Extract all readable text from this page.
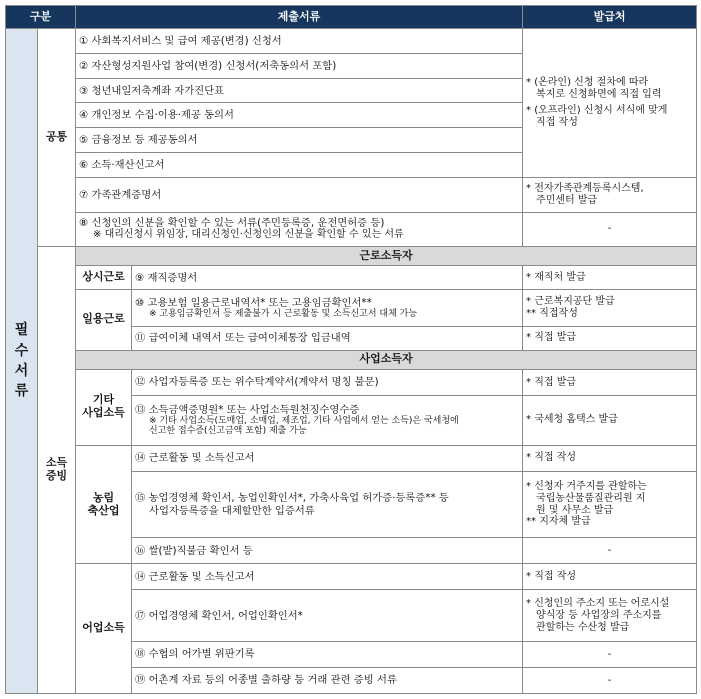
구분		제출서류		발급처

필
수
서
류	공통	① 사회복지서비스 및 급여 제공(변경) 신청서		* (온라인) 신청 절차에 따라
복지로 신청화면에 직접 입력
* (오프라인) 신청시 서식에 맞게
직접 작성

		② 자산형성지원사업 참여(변경) 신청서(저축동의서 포함)		
		③ 청년내일저축계좌 자가진단표		
		④ 개인정보 수집·이용·제공 동의서		
		⑤ 금융정보 등 제공동의서		
		⑥ 소득·재산신고서		
		⑦ 가족관계증명서		* 전자가족관계등록시스템,
주민센터 발급

		⑧ 신청인의 신분을 확인할 수 있는 서류(주민등록증, 운전면허증 등)
※ 대리신청시 위임장, 대리신청인·신청인의 신분을 확인할 수 있는 서류		-

	소득
증빙	근로소득자		
		상시근로	⑨ 재직증명서	* 재직처 발급
		일용근로	⑩ 고용보험 일용근로내역서* 또는 고용임금확인서**
※ 고용임금확인서 등 제출불가 시 근로활동 및 소득신고서 대체 가능	* 근로복지공단 발급
** 직접작성

			⑪ 급여이체 내역서 또는 급여이체통장 입금내역	* 직접 발급
		사업소득자		

		기타
사업소득	⑫ 사업자등록증 또는 위수탁계약서(계약서 명칭 불문)	* 직접 발급

			⑬ 소득금액증명원* 또는 사업소득원천징수영수증
※ 기타 사업소득(도매업, 소매업, 제조업, 기타 사업에서 얻는 소득)은 국세청에
신고한 접수증(신고금액 포함) 제출 가능	* 국세청 홈택스 발급

		농림
축산업	⑭ 근로활동 및 소득신고서	* 직접 작성

			⑮ 농업경영체 확인서, 농업인확인서*, 가축사육업 허가증·등록증** 등
사업자등록증을 대체할만한 입증서류	* 신청자 거주지를 관할하는
국립농산물품질관리원 지
원 및 사무소 발급
** 지자체 발급

			⑯ 쌀(밭)직불금 확인서 등	-
		어업소득	⑭ 근로활동 및 소득신고서	* 직접 작성
			⑰ 어업경영체 확인서, 어업인확인서*	* 신청인의 주소지 또는 어로시설
양식장 등 사업장의 주소지를
관할하는 수산청 발급

			⑱ 수협의 어가별 위판기록	-
			⑲ 어촌계 자료 등의 어종별 출하량 등 거래 관련 증빙 서류	-
